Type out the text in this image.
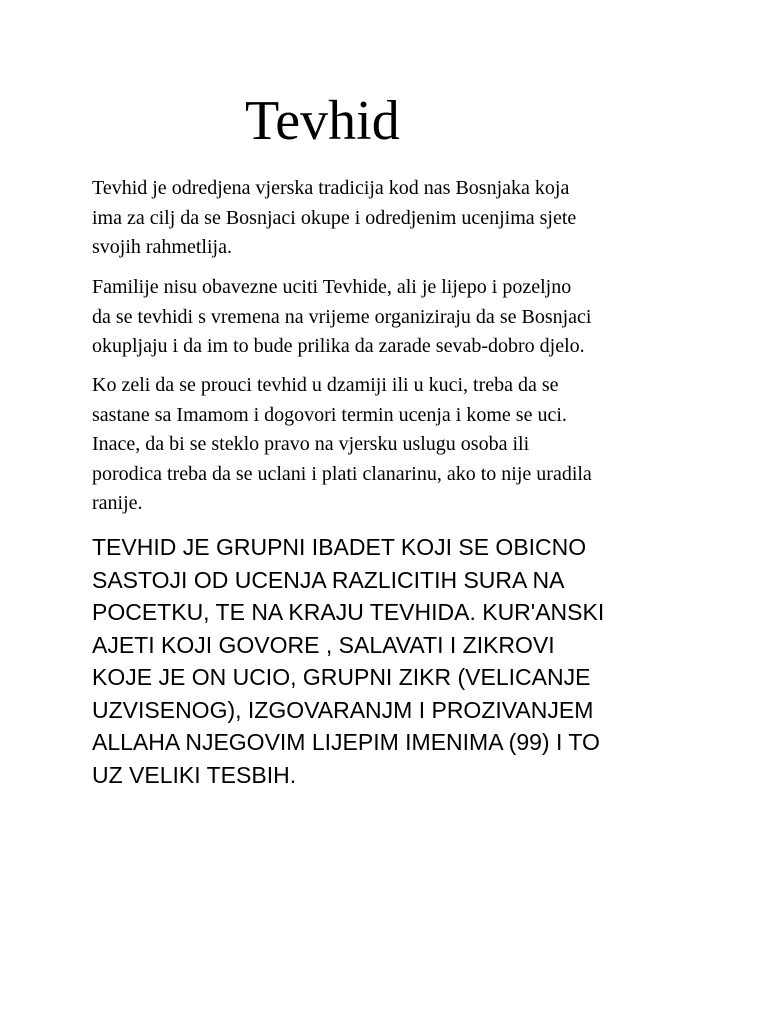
Tevhid

Tevhid je odredjena vjerska tradicija kod nas Bosnjaka koja
ima za cilj da se Bosnjaci okupe i odredjenim ucenjima sjete
svojih rahmetlija.

Familije nisu obavezne uciti Tevhide, ali je lijepo i pozeljno
da se tevhidi s vremena na vrijeme organiziraju da se Bosnjaci
okupljaju i da im to bude prilika da zarade sevab-dobro djelo.

Ko zeli da se prouci tevhid u dzamiji ili u kuci, treba da se
sastane sa Imamom i dogovori termin ucenja i kome se uci.
Inace, da bi se steklo pravo na vjersku uslugu osoba ili
porodica treba da se uclani i plati clanarinu, ako to nije uradila
ranije.

TEVHID JE GRUPNI IBADET KOJI SE OBICNO
SASTOJI OD UCENJA RAZLICITIH SURA NA
POCETKU, TE NA KRAJU TEVHIDA. KUR'ANSKI
AJETI KOJI GOVORE , SALAVATI I ZIKROVI
KOJE JE ON UCIO, GRUPNI ZIKR (VELICANJE
UZVISENOG), IZGOVARANJM I PROZIVANJEM
ALLAHA NJEGOVIM LIJEPIM IMENIMA (99) I TO
UZ VELIKI TESBIH.
